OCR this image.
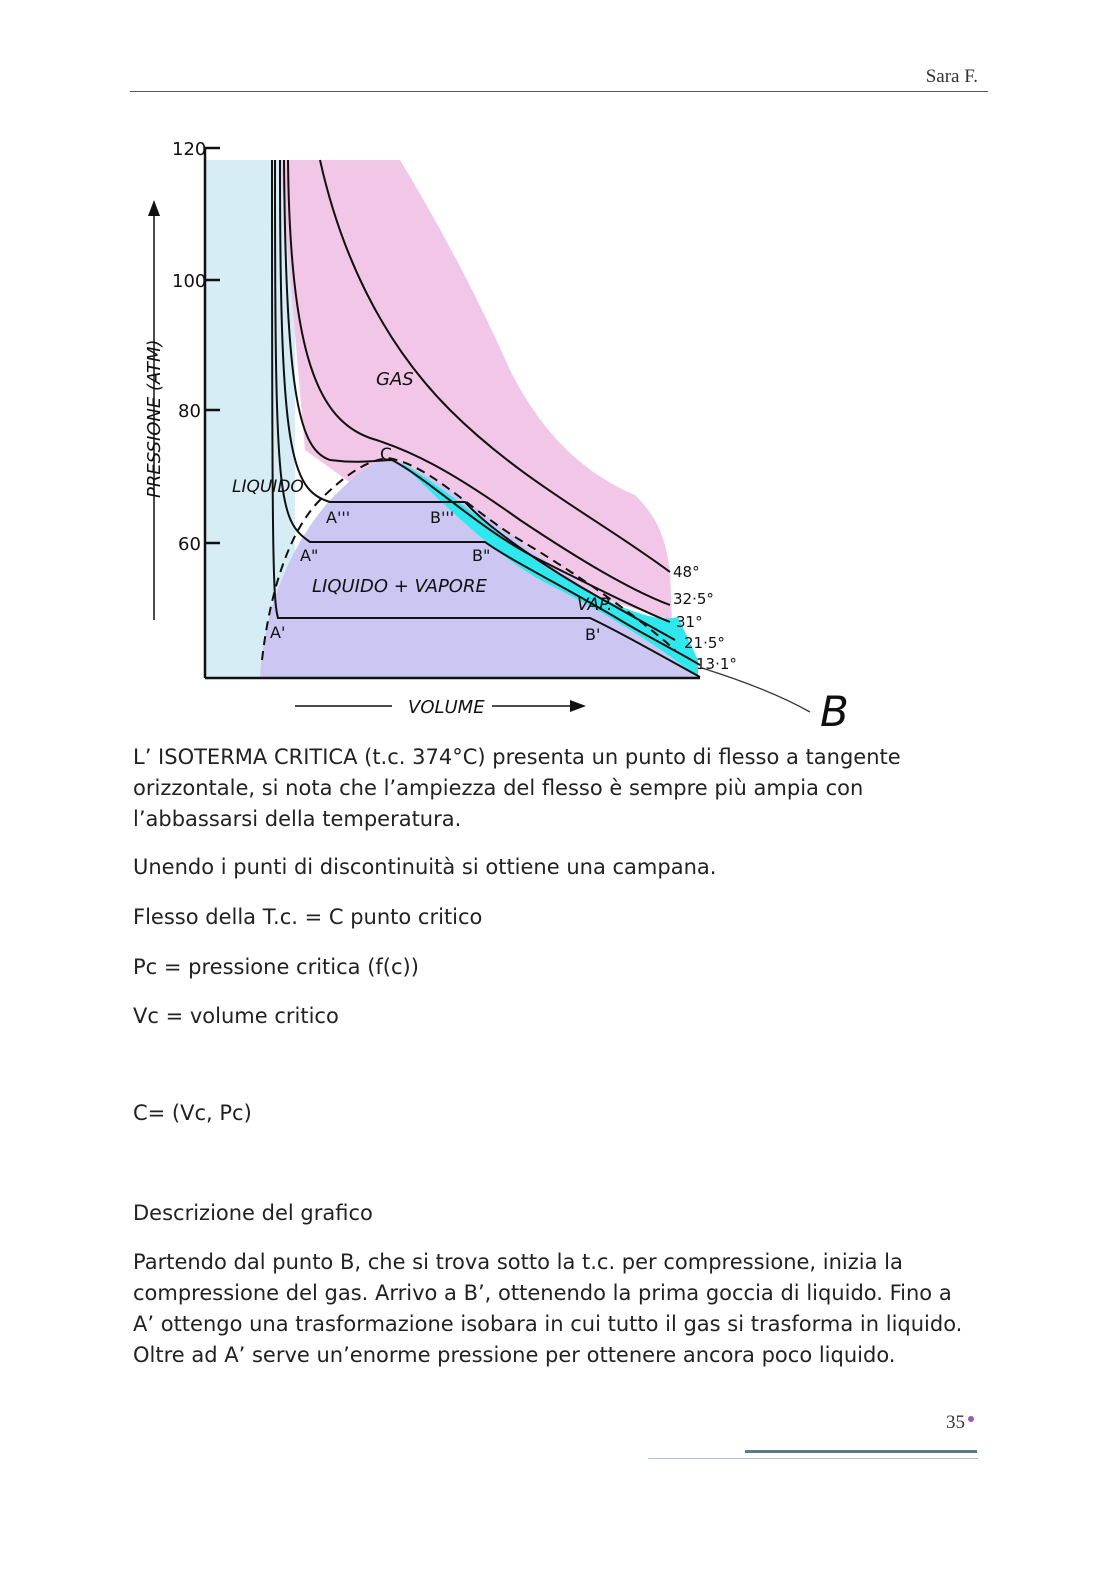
Sara F.
120
100
80
60
PRESSIONE (ATM)
VOLUME
GAS
LIQUIDO
LIQUIDO + VAPORE
VAP.
C
A'''	B'''
A"	B"
A'	B'
48°
32·5°
31°
21·5°
13·1°
B

L’ ISOTERMA CRITICA (t.c. 374°C) presenta un punto di flesso a tangente orizzontale, si nota che l’ampiezza del flesso è sempre più ampia con l’abbassarsi della temperatura.

Unendo i punti di discontinuità si ottiene una campana.

Flesso della T.c. = C punto critico

Pc = pressione critica (f(c))

Vc = volume critico

C= (Vc, Pc)

Descrizione del grafico

Partendo dal punto B, che si trova sotto la t.c. per compressione, inizia la compressione del gas. Arrivo a B’, ottenendo la prima goccia di liquido. Fino a A’ ottengo una trasformazione isobara in cui tutto il gas si trasforma in liquido. Oltre ad A’ serve un’enorme pressione per ottenere ancora poco liquido.

35
